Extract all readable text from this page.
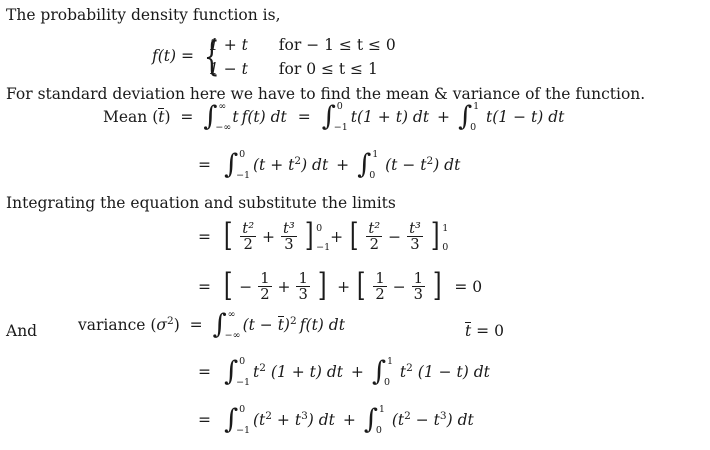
The probability density function is,
f(t) = {
1 + t for − 1 ≤ t ≤ 0
1 − t for 0 ≤ t ≤ 1
For standard deviation here we have to find the mean & variance of the function.
Mean (t)  =  ∫ ∞
−∞
t f(t) dt = ∫ 0
−1
t(1 + t) dt + ∫ 1
0
t(1 − t) dt
= ∫ 0
−1
$(t + t^2)$ dt + ∫ 1
0
$(t - t^2)$ dt
Integrating the equation and substitute the limits
= [ $\frac{\text{t²}}{2} + \frac{\text{t³}}{3}$ ] 0
−1
+ [ $\frac{\text{t²}}{2} - \frac{\text{t³}}{3}$ ] 1
0
= [ − $\frac{1}{2} + \frac{1}{3}$ ] + [ $\frac{1}{2} - \frac{1}{3}$ ] = 0
And	variance $(\sigma^2)$  =  ∫ ∞
−∞
$(t - t)^2$ f(t) dt	t = 0
= ∫ 0
−1
$t^2$ (1 + t) dt + ∫ 1
0
$t^2$ (1 − t) dt
= ∫ 0
−1
$(t^2 + t^3)$ dt + ∫ 1
0
$(t^2 - t^3)$ dt
